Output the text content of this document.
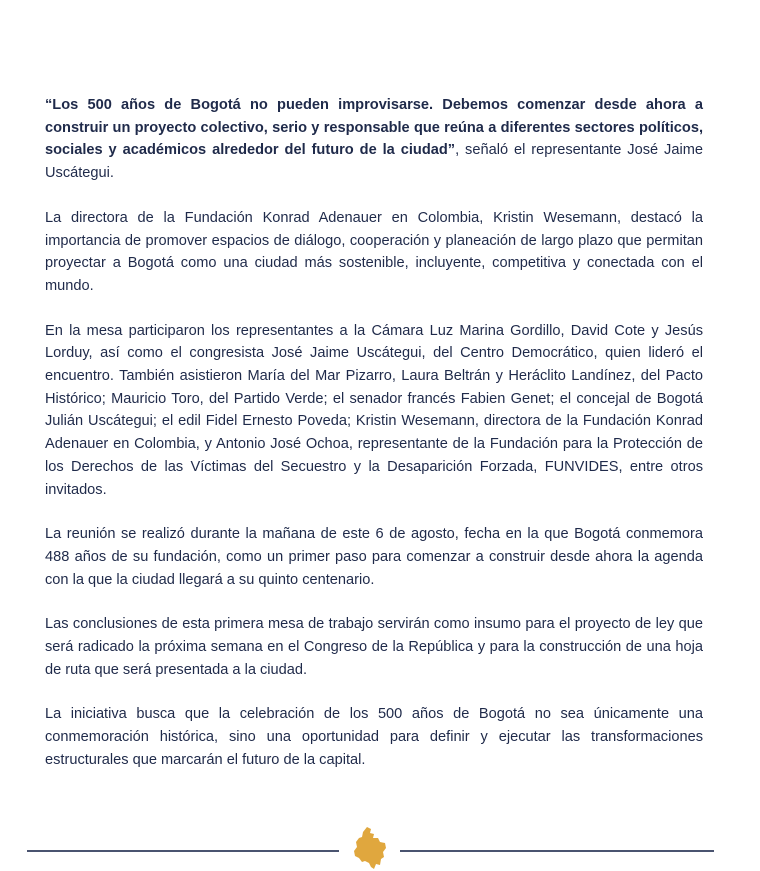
“Los 500 años de Bogotá no pueden improvisarse. Debemos comenzar desde ahora a construir un proyecto colectivo, serio y responsable que reúna a diferentes sectores políticos, sociales y académicos alrededor del futuro de la ciudad”, señaló el representante José Jaime Uscátegui.

La directora de la Fundación Konrad Adenauer en Colombia, Kristin Wesemann, destacó la importancia de promover espacios de diálogo, cooperación y planeación de largo plazo que permitan proyectar a Bogotá como una ciudad más sostenible, incluyente, competitiva y conectada con el mundo.

En la mesa participaron los representantes a la Cámara Luz Marina Gordillo, David Cote y Jesús Lorduy, así como el congresista José Jaime Uscátegui, del Centro Democrático, quien lideró el encuentro. También asistieron María del Mar Pizarro, Laura Beltrán y Heráclito Landínez, del Pacto Histórico; Mauricio Toro, del Partido Verde; el senador francés Fabien Genet; el concejal de Bogotá Julián Uscátegui; el edil Fidel Ernesto Poveda; Kristin Wesemann, directora de la Fundación Konrad Adenauer en Colombia, y Antonio José Ochoa, representante de la Fundación para la Protección de los Derechos de las Víctimas del Secuestro y la Desaparición Forzada, FUNVIDES, entre otros invitados.

La reunión se realizó durante la mañana de este 6 de agosto, fecha en la que Bogotá conmemora 488 años de su fundación, como un primer paso para comenzar a construir desde ahora la agenda con la que la ciudad llegará a su quinto centenario.

Las conclusiones de esta primera mesa de trabajo servirán como insumo para el proyecto de ley que será radicado la próxima semana en el Congreso de la República y para la construcción de una hoja de ruta que será presentada a la ciudad.

La iniciativa busca que la celebración de los 500 años de Bogotá no sea únicamente una conmemoración histórica, sino una oportunidad para definir y ejecutar las transformaciones estructurales que marcarán el futuro de la capital.
